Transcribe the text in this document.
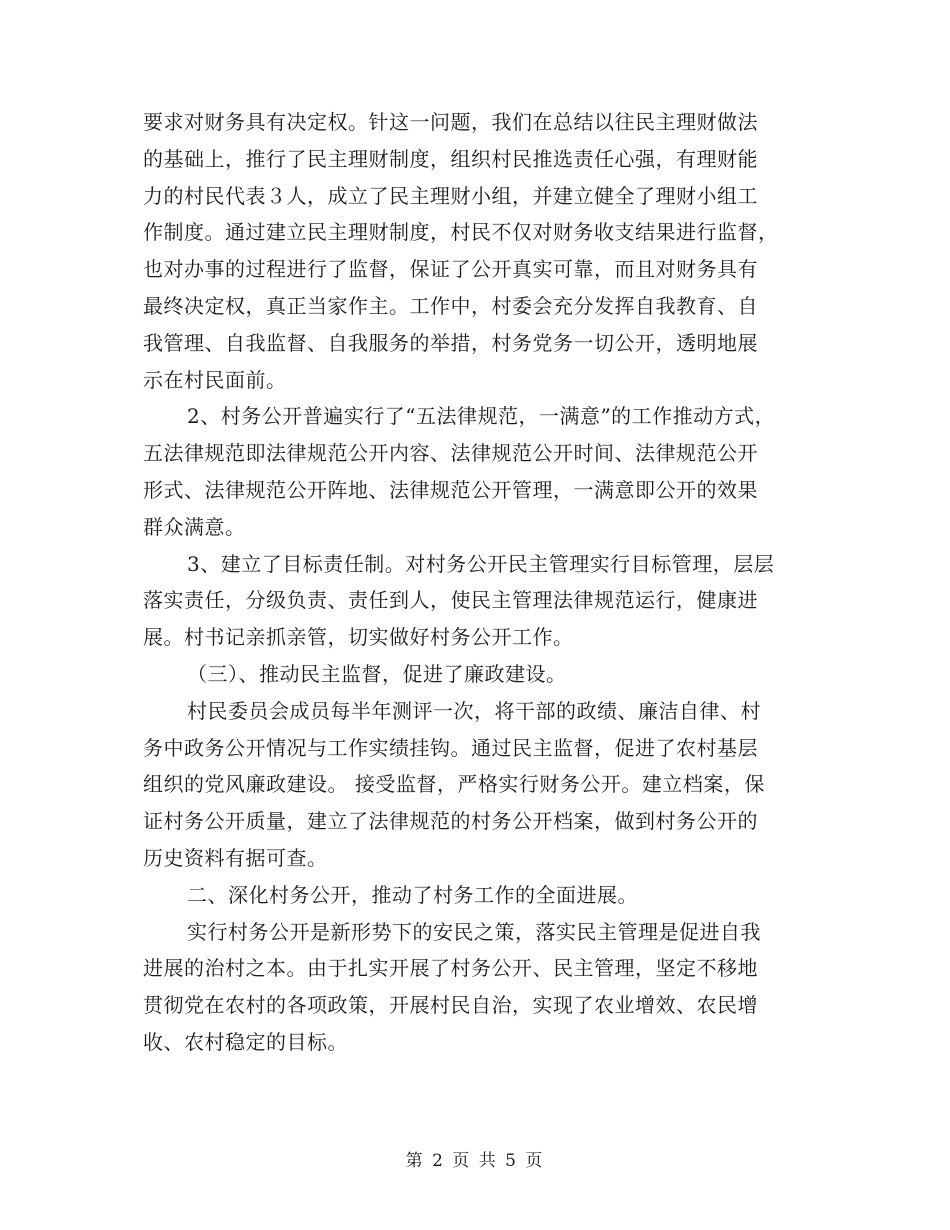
要求对财务具有决定权。针这一问题，我们在总结以往民主理财做法
的基础上，推行了民主理财制度，组织村民推选责任心强，有理财能
力的村民代表３人，成立了民主理财小组，并建立健全了理财小组工
作制度。通过建立民主理财制度，村民不仅对财务收支结果进行监督，
也对办事的过程进行了监督，保证了公开真实可靠，而且对财务具有
最终决定权，真正当家作主。工作中，村委会充分发挥自我教育、自
我管理、自我监督、自我服务的举措，村务党务一切公开，透明地展
示在村民面前。
2、村务公开普遍实行了“五法律规范，一满意”的工作推动方式，
五法律规范即法律规范公开内容、法律规范公开时间、法律规范公开
形式、法律规范公开阵地、法律规范公开管理，一满意即公开的效果
群众满意。
3、建立了目标责任制。对村务公开民主管理实行目标管理，层层
落实责任，分级负责、责任到人，使民主管理法律规范运行，健康进
展。村书记亲抓亲管，切实做好村务公开工作。
（三）、推动民主监督，促进了廉政建设。
村民委员会成员每半年测评一次，将干部的政绩、廉洁自律、村
务中政务公开情况与工作实绩挂钩。通过民主监督，促进了农村基层
组织的党风廉政建设。 接受监督，严格实行财务公开。建立档案，保
证村务公开质量，建立了法律规范的村务公开档案，做到村务公开的
历史资料有据可查。
二、深化村务公开，推动了村务工作的全面进展。
实行村务公开是新形势下的安民之策，落实民主管理是促进自我
进展的治村之本。由于扎实开展了村务公开、民主管理，坚定不移地
贯彻党在农村的各项政策，开展村民自治，实现了农业增效、农民增
收、农村稳定的目标。
第 2 页 共 5 页
